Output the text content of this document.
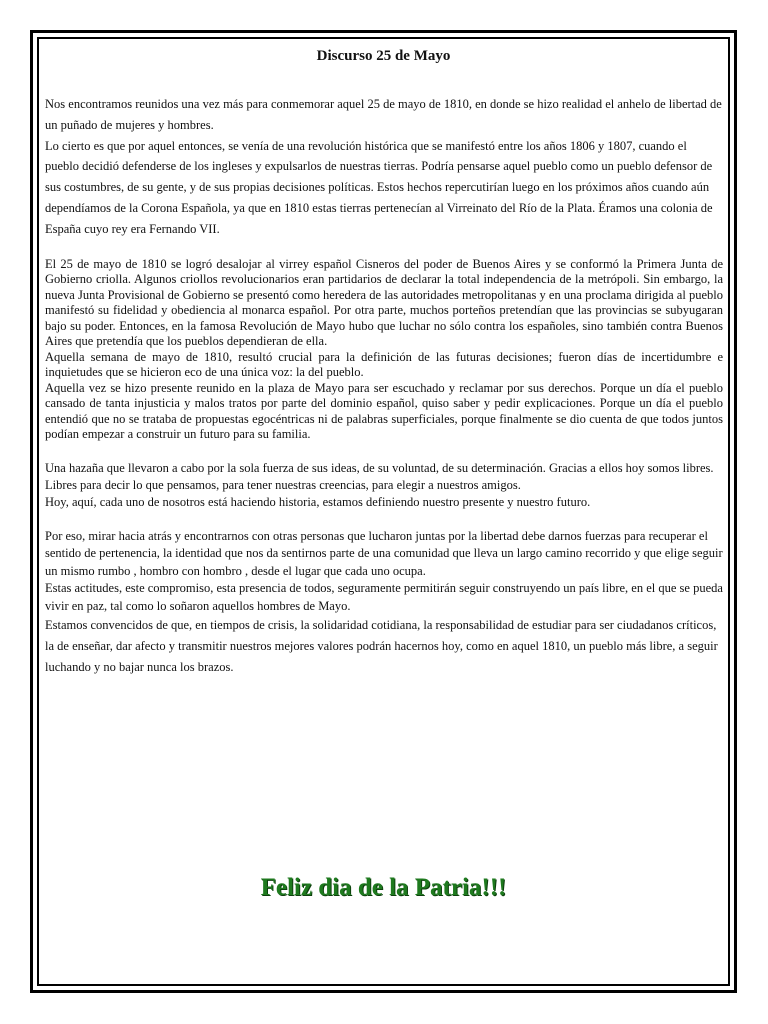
Discurso 25 de Mayo

Nos encontramos reunidos una vez más para conmemorar aquel 25 de mayo de 1810, en donde se hizo realidad el anhelo de libertad de un puñado de mujeres y hombres.

Lo cierto es que por aquel entonces, se venía de una revolución histórica que se manifestó entre los años 1806 y 1807, cuando el pueblo decidió defenderse de los ingleses y expulsarlos de nuestras tierras. Podría pensarse aquel pueblo como un pueblo defensor de sus costumbres, de su gente, y de sus propias decisiones políticas. Estos hechos repercutirían luego en los próximos años cuando aún dependíamos de la Corona Española, ya que en 1810 estas tierras pertenecían al Virreinato del Río de la Plata. Éramos una colonia de España cuyo rey era Fernando VII.

El 25 de mayo de 1810 se logró desalojar al virrey español Cisneros del poder de Buenos Aires y se conformó la Primera Junta de Gobierno criolla. Algunos criollos revolucionarios eran partidarios de declarar la total independencia de la metrópoli. Sin embargo, la nueva Junta Provisional de Gobierno se presentó como heredera de las autoridades metropolitanas y en una proclama dirigida al pueblo manifestó su fidelidad y obediencia al monarca español. Por otra parte, muchos porteños pretendían que las provincias se subyugaran bajo su poder. Entonces, en la famosa Revolución de Mayo hubo que luchar no sólo contra los españoles, sino también contra Buenos Aires que pretendía que los pueblos dependieran de ella.

Aquella semana de mayo de 1810, resultó crucial para la definición de las futuras decisiones; fueron días de incertidumbre e inquietudes que se hicieron eco de una única voz: la del pueblo.

Aquella vez se hizo presente reunido en la plaza de Mayo para ser escuchado y reclamar por sus derechos. Porque un día el pueblo cansado de tanta injusticia y malos tratos por parte del dominio español, quiso saber y pedir explicaciones. Porque un día el pueblo entendió que no se trataba de propuestas egocéntricas ni de palabras superficiales, porque finalmente se dio cuenta de que todos juntos podían empezar a construir un futuro para su familia.

Una hazaña que llevaron a cabo por la sola fuerza de sus ideas, de su voluntad, de su determinación. Gracias a ellos hoy somos libres. Libres para decir lo que pensamos, para tener nuestras creencias, para elegir a nuestros amigos.

Hoy, aquí, cada uno de nosotros está haciendo historia, estamos definiendo nuestro presente y nuestro futuro.

Por eso, mirar hacia atrás y encontrarnos con otras personas que lucharon juntas por la libertad debe darnos fuerzas para recuperar el sentido de pertenencia, la identidad que nos da sentirnos parte de una comunidad que lleva un largo camino recorrido y que elige seguir un mismo rumbo , hombro con hombro , desde el lugar que cada uno ocupa.

Estas actitudes, este compromiso, esta presencia de todos, seguramente permitirán seguir construyendo un país libre, en el que se pueda vivir en paz, tal como lo soñaron aquellos hombres de Mayo.

Estamos convencidos de que, en tiempos de crisis, la solidaridad cotidiana, la responsabilidad de estudiar para ser ciudadanos críticos, la de enseñar, dar afecto y transmitir nuestros mejores valores podrán hacernos hoy, como en aquel 1810, un pueblo más libre, a seguir luchando y no bajar nunca los brazos.

Feliz dia de la Patria!!!
